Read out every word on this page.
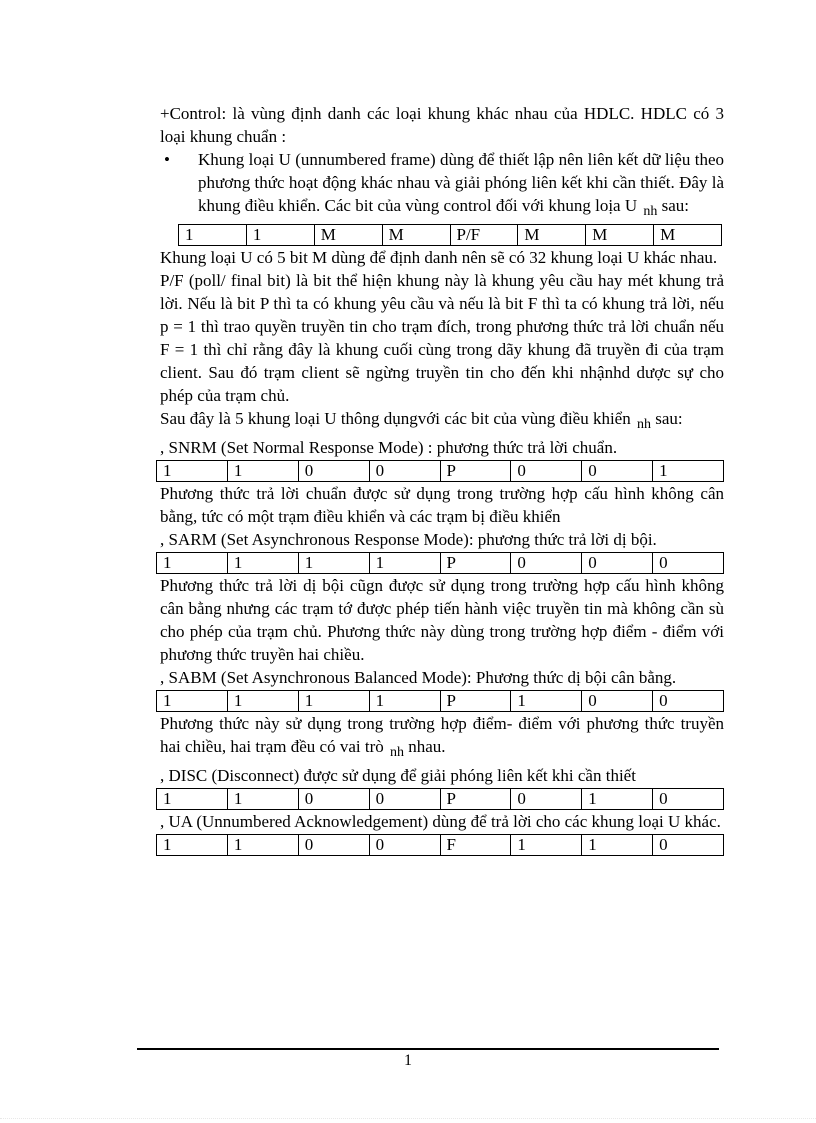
+Control: là vùng định danh các loại khung khác nhau của HDLC. HDLC có 3 loại khung chuẩn :

• Khung loại U (unnumbered frame) dùng để thiết lập nên liên kết dữ liệu theo phương thức hoạt động khác nhau và giải phóng liên kết khi cần thiết. Đây là khung điều khiển. Các bit của vùng control đối với khung loịa U $_{nh}$ sau:
1	1	M	M	P/F	M	M	M

Khung loại U có 5 bit M dùng để định danh nên sẽ có 32 khung loại U khác nhau.

P/F (poll/ final bit) là bit thể hiện khung này là khung yêu cầu hay mét khung trả lời. Nếu là bit P thì ta có khung yêu cầu và nếu là bit F thì ta có khung trả lời, nếu p = 1 thì trao quyền truyền tin cho trạm đích, trong phương thức trả lời chuẩn nếu F = 1 thì chỉ rằng đây là khung cuối cùng trong dãy khung đã truyền đi của trạm client. Sau đó trạm client sẽ ngừng truyền tin cho đến khi nhậnhd dược sự cho phép của trạm chủ.

Sau đây là 5 khung loại U thông dụngvới các bit của vùng điều khiển $_{nh}$ sau:

, SNRM (Set Normal Response Mode) : phương thức trả lời chuẩn.

1	1	0	0	P	0	0	1

Phương thức trả lời chuẩn được sử dụng trong trường hợp cấu hình không cân bằng, tức có một trạm điều khiển và các trạm bị điều khiển

, SARM (Set Asynchronous Response Mode): phương thức trả lời dị bội.

1	1	1	1	P	0	0	0

Phương thức trả lời dị bội cũgn được sử dụng trong trường hợp cấu hình không cân bằng nhưng các trạm tớ được phép tiến hành việc truyền tin mà không cần sù cho phép của trạm chủ. Phương thức này dùng trong trường hợp điểm - điểm với phương thức truyền hai chiều.

, SABM (Set Asynchronous Balanced Mode): Phương thức dị bội cân bằng.

1	1	1	1	P	1	0	0

Phương thức này sử dụng trong trường hợp điểm- điểm với phương thức truyền hai chiều, hai trạm đều có vai trò $_{nh}$ nhau.

, DISC (Disconnect) được sử dụng để giải phóng liên kết khi cần thiết

1	1	0	0	P	0	1	0

, UA (Unnumbered Acknowledgement) dùng để trả lời cho các khung loại U khác.

1	1	0	0	F	1	1	0
1
